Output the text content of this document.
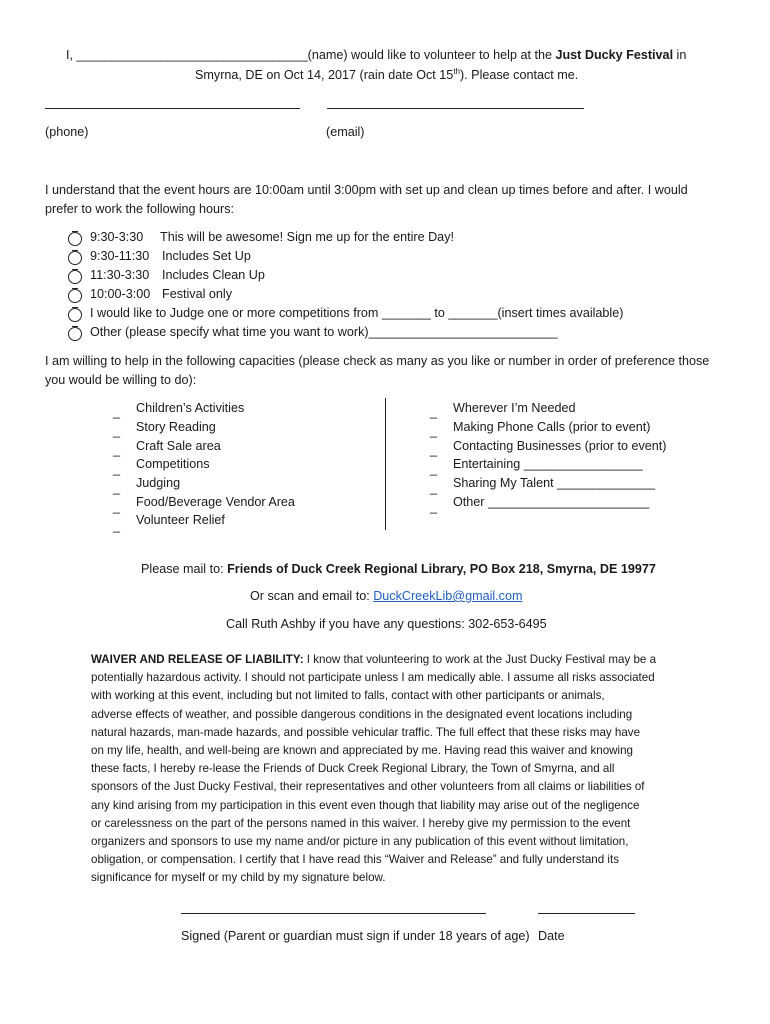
I, _________________________________(name) would like to volunteer to help at the Just Ducky Festival in
Smyrna, DE on Oct 14, 2017 (rain date Oct 15th). Please contact me.
(phone)	(email)
I understand that the event hours are 10:00am until 3:00pm with set up and clean up times before and after. I would
prefer to work the following hours:
9:30-3:30 This will be awesome! Sign me up for the entire Day!
9:30-11:30 Includes Set Up
11:30-3:30 Includes Clean Up
10:00-3:00 Festival only
I would like to Judge one or more competitions from _______ to _______(insert times available)
Other (please specify what time you want to work)___________________________
I am willing to help in the following capacities (please check as many as you like or number in order of preference those
you would be willing to do):
_ Children’s Activities
_ Story Reading
_ Craft Sale area
_ Competitions
_ Judging
_ Food/Beverage Vendor Area
_ Volunteer Relief
_ Wherever I’m Needed
_ Making Phone Calls (prior to event)
_ Contacting Businesses (prior to event)
_ Entertaining _________________
_ Sharing My Talent ______________
_ Other _______________________
Please mail to: Friends of Duck Creek Regional Library, PO Box 218, Smyrna, DE 19977
Or scan and email to: DuckCreekLib@gmail.com
Call Ruth Ashby if you have any questions: 302-653-6495
WAIVER AND RELEASE OF LIABILITY: I know that volunteering to work at the Just Ducky Festival may be a
potentially hazardous activity. I should not participate unless I am medically able. I assume all risks associated
with working at this event, including but not limited to falls, contact with other participants or animals,
adverse effects of weather, and possible dangerous conditions in the designated event locations including
natural hazards, man-made hazards, and possible vehicular traffic. The full effect that these risks may have
on my life, health, and well-being are known and appreciated by me. Having read this waiver and knowing
these facts, I hereby re-lease the Friends of Duck Creek Regional Library, the Town of Smyrna, and all
sponsors of the Just Ducky Festival, their representatives and other volunteers from all claims or liabilities of
any kind arising from my participation in this event even though that liability may arise out of the negligence
or carelessness on the part of the persons named in this waiver. I hereby give my permission to the event
organizers and sponsors to use my name and/or picture in any publication of this event without limitation,
obligation, or compensation. I certify that I have read this “Waiver and Release” and fully understand its
significance for myself or my child by my signature below.
Signed (Parent or guardian must sign if under 18 years of age) Date
